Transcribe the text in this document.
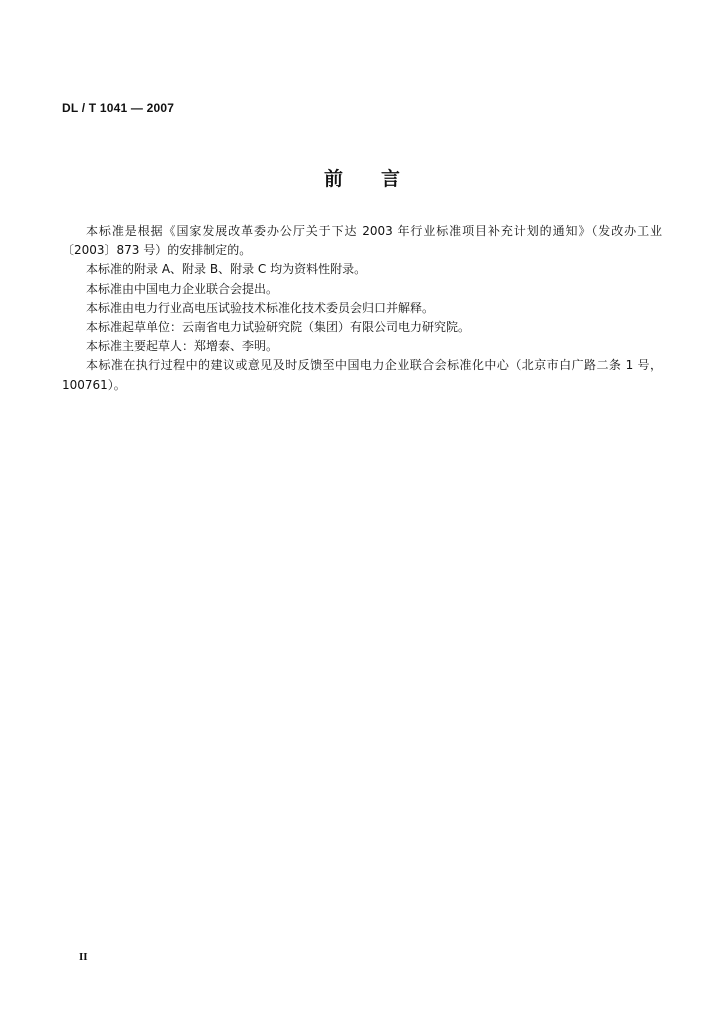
DL / T 1041 — 2007
前　　言

本标准是根据《国家发展改革委办公厅关于下达 2003 年行业标准项目补充计划的通知》（发改办工业〔2003〕873 号）的安排制定的。

本标准的附录 A、附录 B、附录 C 均为资料性附录。

本标准由中国电力企业联合会提出。

本标准由电力行业高电压试验技术标准化技术委员会归口并解释。

本标准起草单位：云南省电力试验研究院（集团）有限公司电力研究院。

本标准主要起草人：郑增泰、李明。

本标准在执行过程中的建议或意见及时反馈至中国电力企业联合会标准化中心（北京市白广路二条 1 号，100761）。

II
